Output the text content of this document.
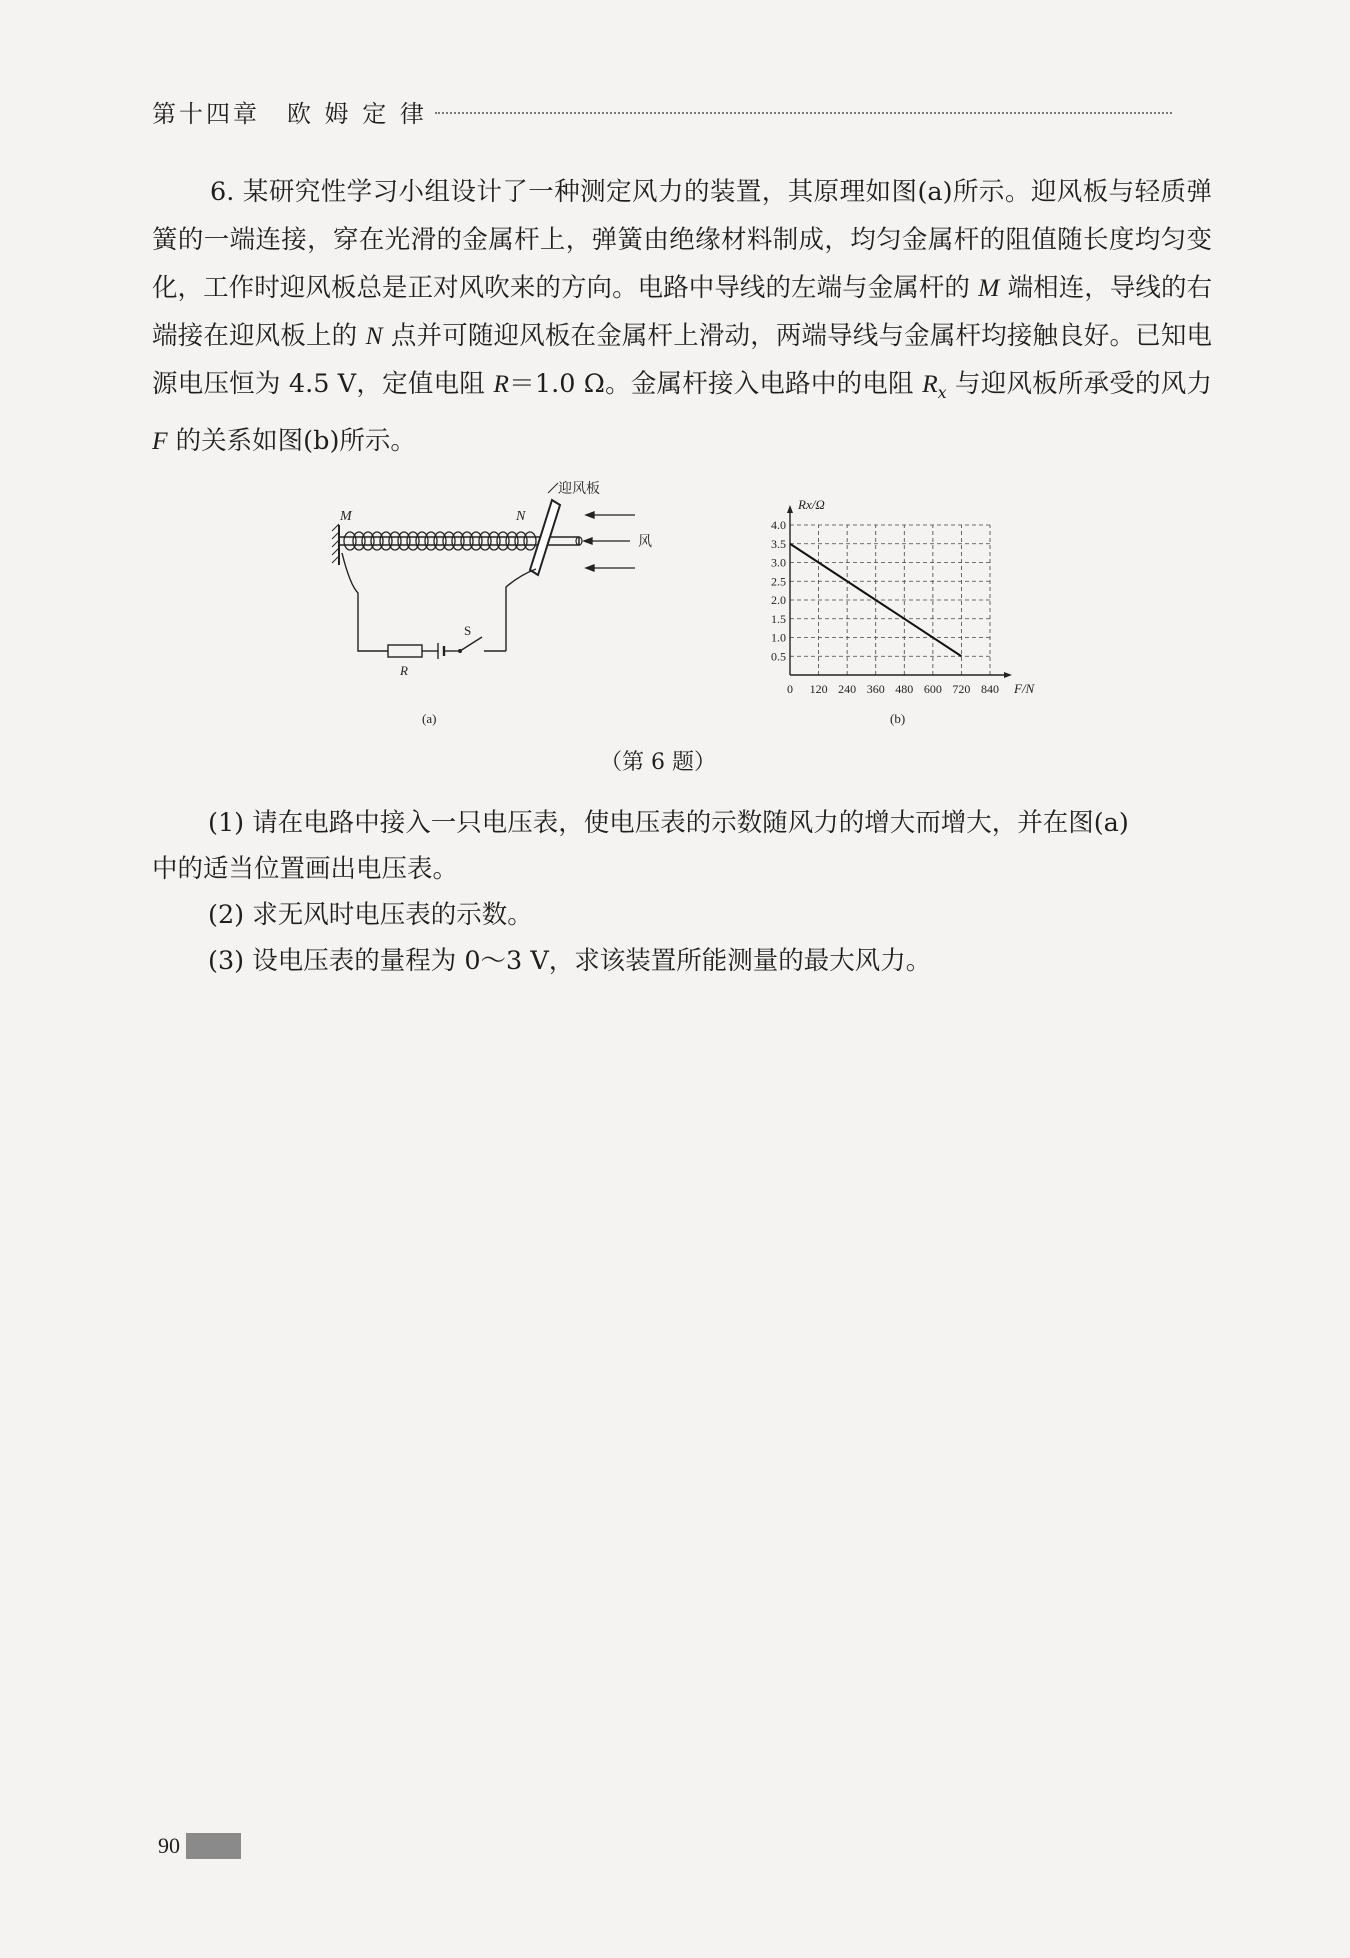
第十四章　欧 姆 定 律

6. 某研究性学习小组设计了一种测定风力的装置，其原理如图(a)所示。迎风板与轻质弹簧的一端连接，穿在光滑的金属杆上，弹簧由绝缘材料制成，均匀金属杆的阻值随长度均匀变化，工作时迎风板总是正对风吹来的方向。电路中导线的左端与金属杆的 M 端相连，导线的右端接在迎风板上的 N 点并可随迎风板在金属杆上滑动，两端导线与金属杆均接触良好。已知电源电压恒为 4.5 V，定值电阻 R＝1.0 Ω。金属杆接入电路中的电阻 $R_x$ 与迎风板所承受的风力 F 的关系如图(b)所示。

M	N
迎风板
风
R
S
(a)
0 120 240 360 480 600 720 840
0.5
1.0
1.5
2.0
2.5
3.0
3.5
4.0
Rx/Ω
F/N
(b)
（第 6 题）

(1) 请在电路中接入一只电压表，使电压表的示数随风力的增大而增大，并在图(a)

中的适当位置画出电压表。

(2) 求无风时电压表的示数。

(3) 设电压表的量程为 0～3 V，求该装置所能测量的最大风力。

90
